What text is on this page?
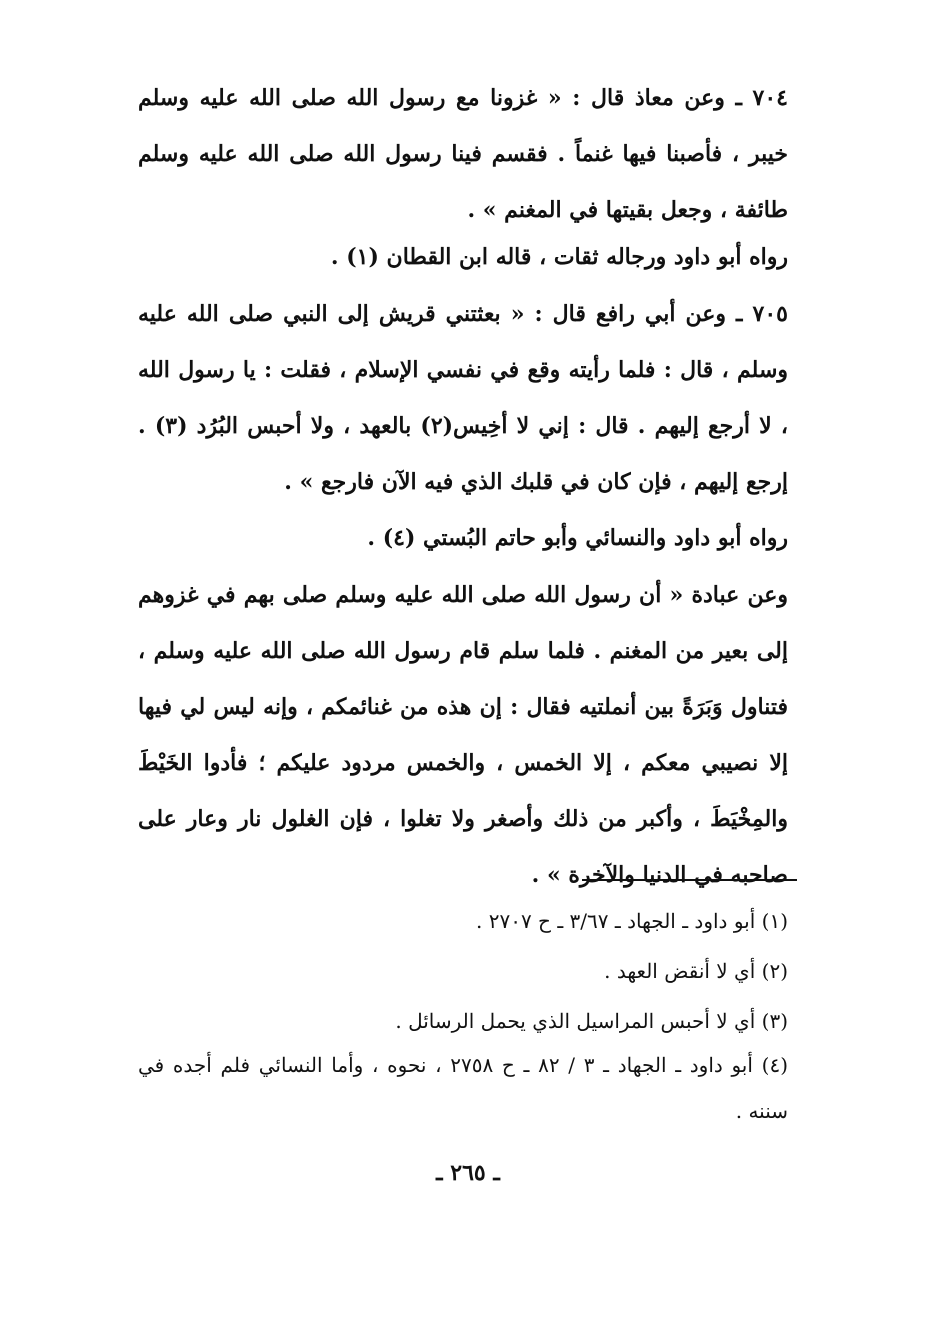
٧٠٤ ـ وعن معاذ قال : « غزونا مع رسول الله صلى الله عليه وسلم خيبر ، فأصبنا فيها غنماً . فقسم فينا رسول الله صلى الله عليه وسلم طائفة ، وجعل بقيتها في المغنم » .

رواه أبو داود ورجاله ثقات ، قاله ابن القطان (١) .

٧٠٥ ـ وعن أبي رافع قال : « بعثتني قريش إلى النبي صلى الله عليه وسلم ، قال : فلما رأيته وقع في نفسي الإسلام ، فقلت : يا رسول الله ، لا أرجع إليهم . قال : إني لا أخِيس(٢) بالعهد ، ولا أحبس البُرُد (٣) . إرجع إليهم ، فإن كان في قلبك الذي فيه الآن فارجع » .

رواه أبو داود والنسائي وأبو حاتم البُستي (٤) .

وعن عبادة « أن رسول الله صلى الله عليه وسلم صلى بهم في غزوهم إلى بعير من المغنم . فلما سلم قام رسول الله صلى الله عليه وسلم ، فتناول وَبَرَةً بين أنملتيه فقال : إن هذه من غنائمكم ، وإنه ليس لي فيها إلا نصيبي معكم ، إلا الخمس ، والخمس مردود عليكم ؛ فأدوا الخَيْطَ والمِخْيَطَ ، وأكبر من ذلك وأصغر ولا تغلوا ، فإن الغلول نار وعار على صاحبه في الدنيا والآخرة » .

(١) أبو داود ـ الجهاد ـ ٣/٦٧ ـ ح ٢٧٠٧ .

(٢) أي لا أنقض العهد .

(٣) أي لا أحبس المراسيل الذي يحمل الرسائل .

(٤) أبو داود ـ الجهاد ـ ٣ / ٨٢ ـ ح ٢٧٥٨ ، نحوه ، وأما النسائي فلم أجده في سننه .

ـ ٢٦٥ ـ
